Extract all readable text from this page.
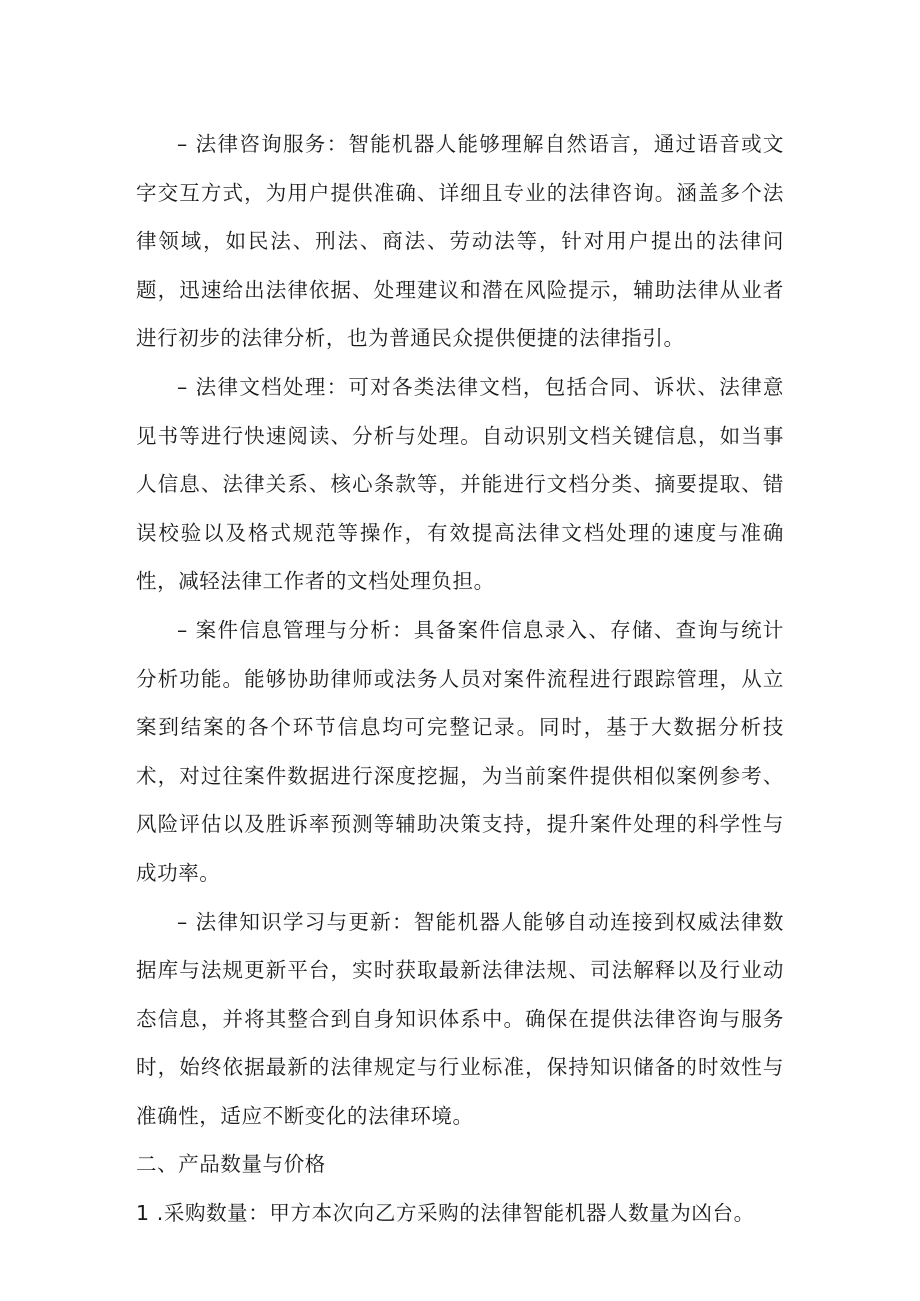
– 法律咨询服务：智能机器人能够理解自然语言，通过语音或文字交互方式，为用户提供准确、详细且专业的法律咨询。涵盖多个法律领域，如民法、刑法、商法、劳动法等，针对用户提出的法律问题，迅速给出法律依据、处理建议和潜在风险提示，辅助法律从业者进行初步的法律分析，也为普通民众提供便捷的法律指引。

– 法律文档处理：可对各类法律文档，包括合同、诉状、法律意见书等进行快速阅读、分析与处理。自动识别文档关键信息，如当事人信息、法律关系、核心条款等，并能进行文档分类、摘要提取、错误校验以及格式规范等操作，有效提高法律文档处理的速度与准确性，减轻法律工作者的文档处理负担。

– 案件信息管理与分析：具备案件信息录入、存储、查询与统计分析功能。能够协助律师或法务人员对案件流程进行跟踪管理，从立案到结案的各个环节信息均可完整记录。同时，基于大数据分析技术，对过往案件数据进行深度挖掘，为当前案件提供相似案例参考、风险评估以及胜诉率预测等辅助决策支持，提升案件处理的科学性与成功率。

– 法律知识学习与更新：智能机器人能够自动连接到权威法律数据库与法规更新平台，实时获取最新法律法规、司法解释以及行业动态信息，并将其整合到自身知识体系中。确保在提供法律咨询与服务时，始终依据最新的法律规定与行业标准，保持知识储备的时效性与准确性，适应不断变化的法律环境。

二、产品数量与价格

1 .采购数量：甲方本次向乙方采购的法律智能机器人数量为凶台。
